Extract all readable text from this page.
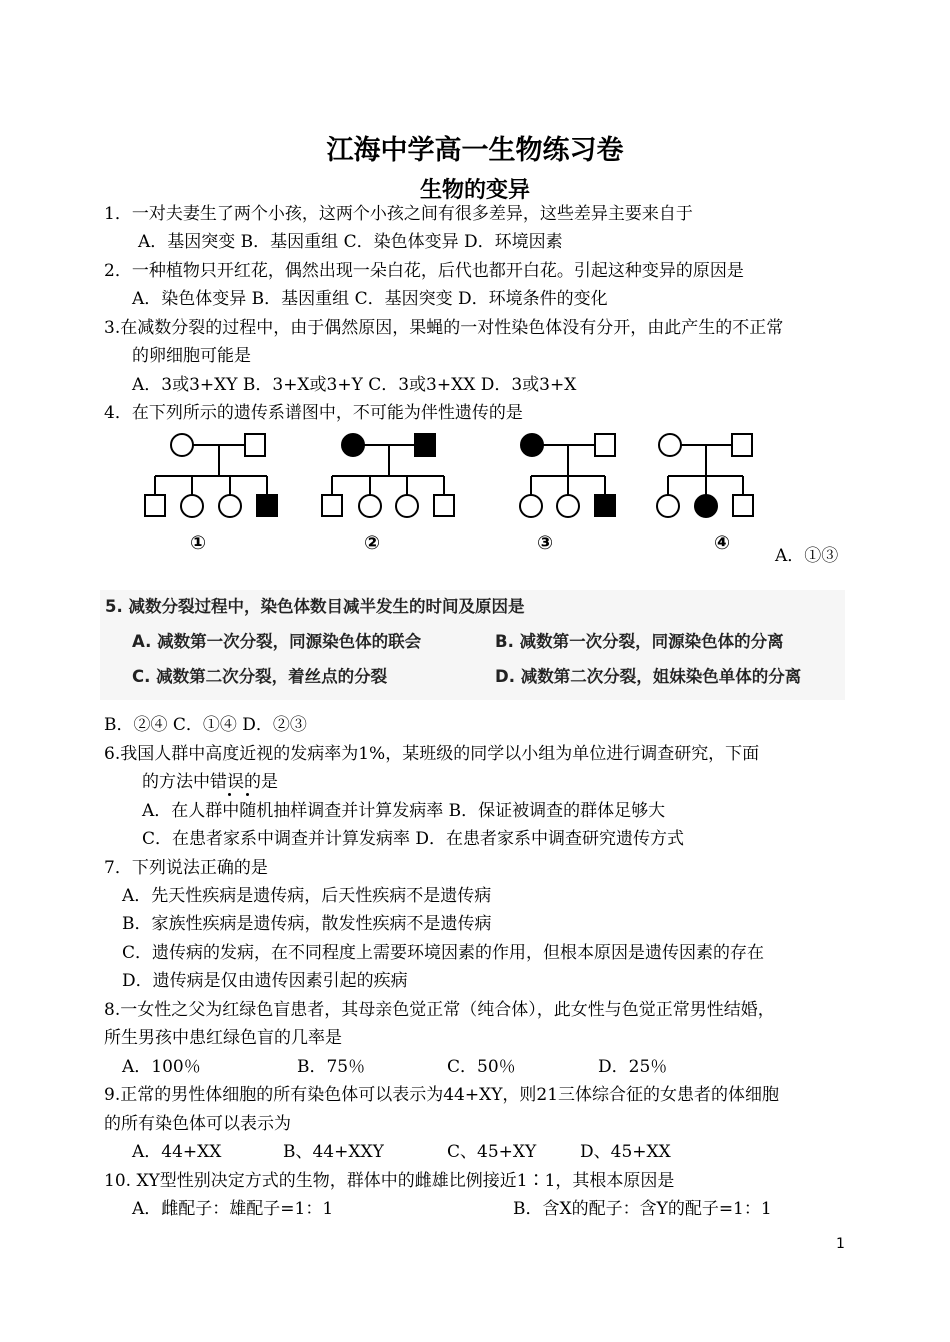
江海中学高一生物练习卷
生物的变异
1．一对夫妻生了两个小孩，这两个小孩之间有很多差异，这些差异主要来自于
A．基因突变 B．基因重组 C．染色体变异 D．环境因素
2．一种植物只开红花，偶然出现一朵白花，后代也都开白花。引起这种变异的原因是
A．染色体变异 B．基因重组 C．基因突变 D．环境条件的变化
3.在减数分裂的过程中，由于偶然原因，果蝇的一对性染色体没有分开，由此产生的不正常
的卵细胞可能是
A．3或3+XY B．3+X或3+Y C．3或3+XX D．3或3+X
4．在下列所示的遗传系谱图中，不可能为伴性遗传的是
①	②	③	④
A．①③
5. 减数分裂过程中，染色体数目减半发生的时间及原因是
A. 减数第一次分裂，同源染色体的联会	B. 减数第一次分裂，同源染色体的分离
C. 减数第二次分裂，着丝点的分裂	D. 减数第二次分裂，姐妹染色单体的分离
B．②④ C．①④ D．②③
6.我国人群中高度近视的发病率为1%，某班级的同学以小组为单位进行调查研究，下面
的方法中错误的是
A．在人群中随机抽样调查并计算发病率 B．保证被调查的群体足够大
C．在患者家系中调查并计算发病率 D．在患者家系中调查研究遗传方式
7．下列说法正确的是
A．先天性疾病是遗传病，后天性疾病不是遗传病
B．家族性疾病是遗传病，散发性疾病不是遗传病
C．遗传病的发病，在不同程度上需要环境因素的作用，但根本原因是遗传因素的存在
D．遗传病是仅由遗传因素引起的疾病
8.一女性之父为红绿色盲患者，其母亲色觉正常（纯合体），此女性与色觉正常男性结婚，
所生男孩中患红绿色盲的几率是
A．100％	B．75％	C．50％	D．25％
9.正常的男性体细胞的所有染色体可以表示为44+XY，则21三体综合征的女患者的体细胞
的所有染色体可以表示为
A．44+XX	B、44+XXY	C、45+XY	D、45+XX
10. XY型性别决定方式的生物，群体中的雌雄比例接近1∶1，其根本原因是
A．雌配子：雄配子=1：1	B．含X的配子：含Y的配子=1：1
1
